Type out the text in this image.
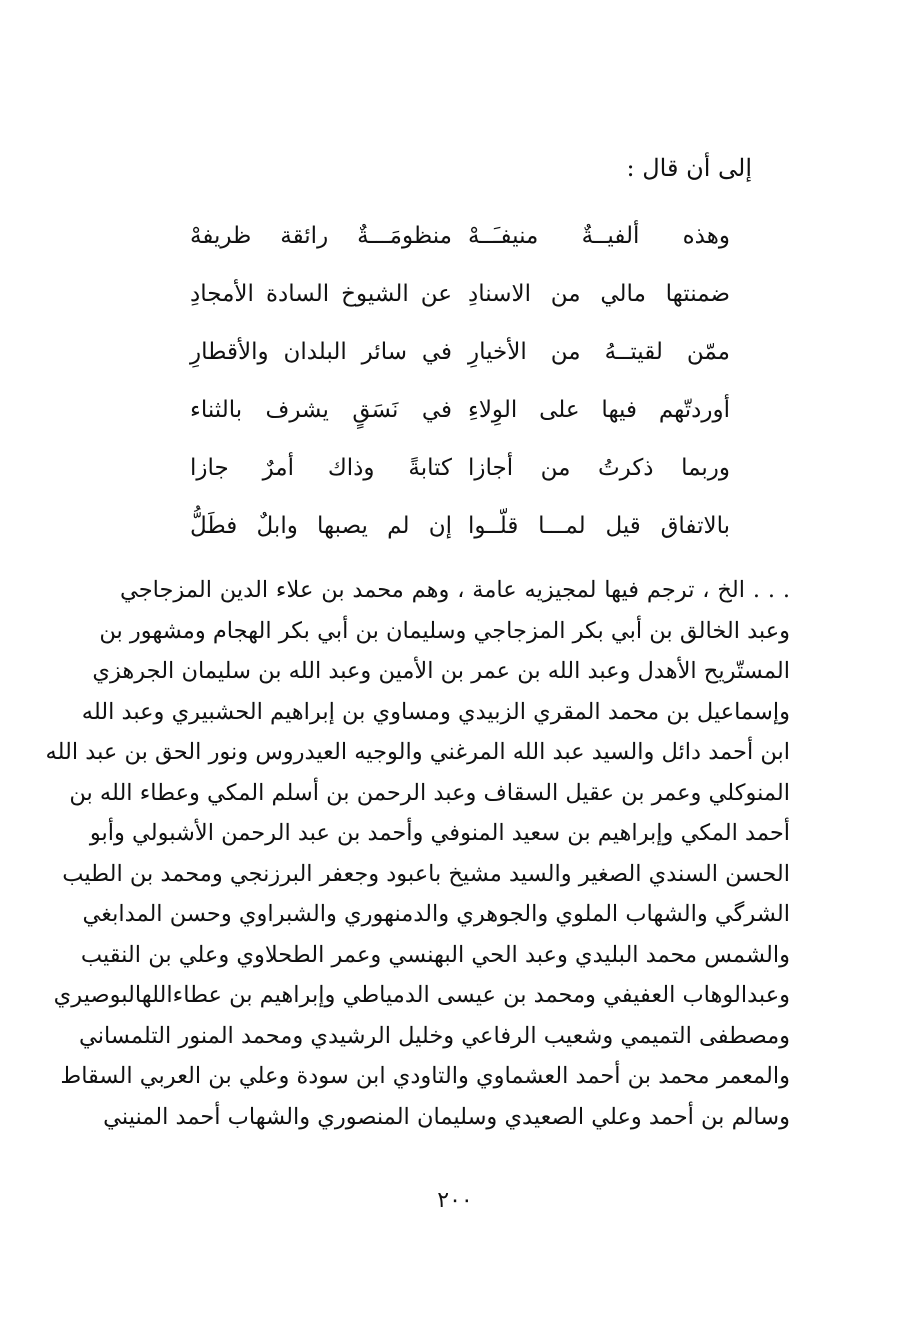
إلى أن قال :
وهذه ألفيــةٌ منيفـَــهْ
منظومَـــةٌ رائقة ظريفهْ
ضمنتها مالي من الاسنادِ
عن الشيوخ السادة الأمجادِ
ممّن لقيتــهُ من الأخيارِ
في سائر البلدان والأقطارِ
أوردتّهم فيها على الوِلاءِ
في نَسَقٍ يشرف بالثناء
وربما ذكرتُ من أجازا
كتابةً وذاك أمرٌ جازا
بالاتفاق قيل لمـــا قلّــوا
إن لم يصبها وابلٌ فطَلُّ
. . . الخ ، ترجم فيها لمجيزيه عامة ، وهم محمد بن علاء الدين المزجاجي
وعبد الخالق بن أبي بكر المزجاجي وسليمان بن أبي بكر الهجام ومشهور بن
المستّريح الأهدل وعبد الله بن عمر بن الأمين وعبد الله بن سليمان الجرهزي
وإسماعيل بن محمد المقري الزبيدي ومساوي بن إبراهيم الحشبيري وعبد الله
ابن أحمد دائل والسيد عبد الله المرغني والوجيه العيدروس ونور الحق بن عبد الله
المنوكلي وعمر بن عقيل السقاف وعبد الرحمن بن أسلم المكي وعطاء الله بن
أحمد المكي وإبراهيم بن سعيد المنوفي وأحمد بن عبد الرحمن الأشبولي وأبو
الحسن السندي الصغير والسيد مشيخ باعبود وجعفر البرزنجي ومحمد بن الطيب
الشرگي والشهاب الملوي والجوهري والدمنهوري والشبراوي وحسن المدابغي
والشمس محمد البليدي وعبد الحي البهنسي وعمر الطحلاوي وعلي بن النقيب
وعبدالوهاب العفيفي ومحمد بن عيسى الدمياطي وإبراهيم بن عطاءاللهالبوصيري
ومصطفى التميمي وشعيب الرفاعي وخليل الرشيدي ومحمد المنور التلمساني
والمعمر محمد بن أحمد العشماوي والتاودي ابن سودة وعلي بن العربي السقاط
وسالم بن أحمد وعلي الصعيدي وسليمان المنصوري والشهاب أحمد المنيني
٢٠٠
